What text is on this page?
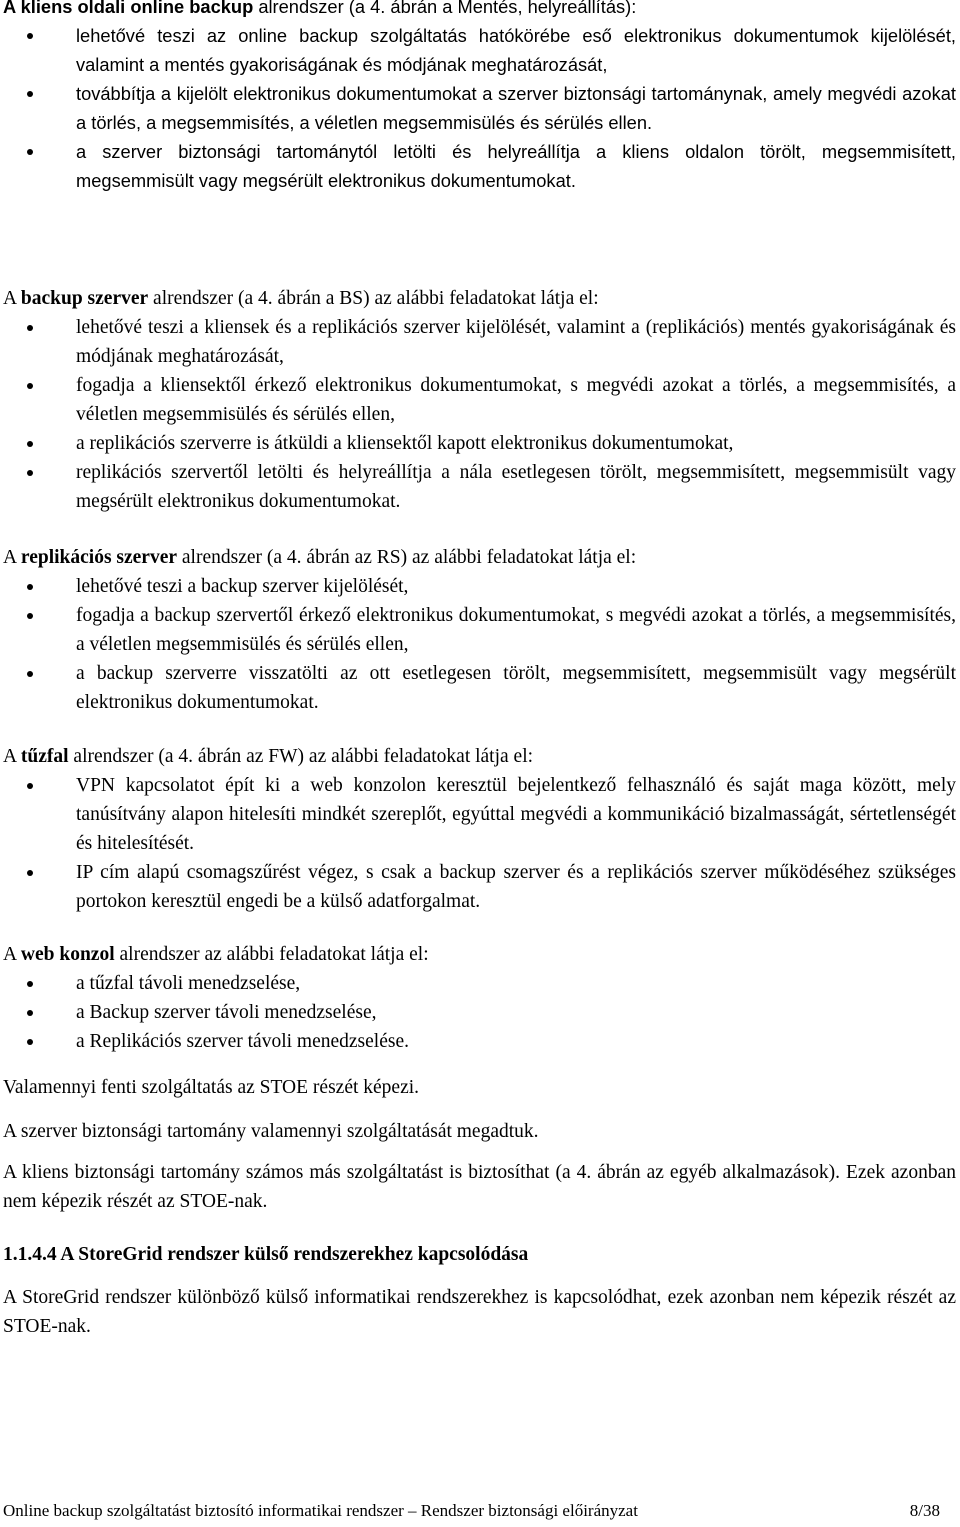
A kliens oldali online backup alrendszer (a 4. ábrán a Mentés, helyreállítás):
lehetővé teszi az online backup szolgáltatás hatókörébe eső elektronikus dokumentumok kijelölését, valamint a mentés gyakoriságának és módjának meghatározását,
továbbítja a kijelölt elektronikus dokumentumokat a szerver biztonsági tartománynak, amely megvédi azokat a törlés, a megsemmisítés, a véletlen megsemmisülés és sérülés ellen.
a szerver biztonsági tartománytól letölti és helyreállítja a kliens oldalon törölt, megsemmisített, megsemmisült vagy megsérült elektronikus dokumentumokat.
A backup szerver alrendszer (a 4. ábrán a BS) az alábbi feladatokat látja el:
lehetővé teszi a kliensek és a replikációs szerver kijelölését, valamint a (replikációs) mentés gyakoriságának és módjának meghatározását,
fogadja a kliensektől érkező elektronikus dokumentumokat, s megvédi azokat a törlés, a megsemmisítés, a véletlen megsemmisülés és sérülés ellen,
a replikációs szerverre is átküldi a kliensektől kapott elektronikus dokumentumokat,
replikációs szervertől letölti és helyreállítja a nála esetlegesen törölt, megsemmisített, megsemmisült vagy megsérült elektronikus dokumentumokat.
A replikációs szerver alrendszer (a 4. ábrán az RS) az alábbi feladatokat látja el:
lehetővé teszi a backup szerver kijelölését,
fogadja a backup szervertől érkező elektronikus dokumentumokat, s megvédi azokat a törlés, a megsemmisítés, a véletlen megsemmisülés és sérülés ellen,
a backup szerverre visszatölti az ott esetlegesen törölt, megsemmisített, megsemmisült vagy megsérült elektronikus dokumentumokat.
A tűzfal alrendszer (a 4. ábrán az FW) az alábbi feladatokat látja el:
VPN kapcsolatot épít ki a web konzolon keresztül bejelentkező felhasználó és saját maga között, mely tanúsítvány alapon hitelesíti mindkét szereplőt, egyúttal megvédi a kommunikáció bizalmasságát, sértetlenségét és hitelesítését.
IP cím alapú csomagszűrést végez, s csak a backup szerver és a replikációs szerver működéséhez szükséges portokon keresztül engedi be a külső adatforgalmat.
A web konzol alrendszer az alábbi feladatokat látja el:
a tűzfal távoli menedzselése,
a Backup szerver távoli menedzselése,
a Replikációs szerver távoli menedzselése.
Valamennyi fenti szolgáltatás az STOE részét képezi.
A szerver biztonsági tartomány valamennyi szolgáltatását megadtuk.
A kliens biztonsági tartomány számos más szolgáltatást is biztosíthat (a 4. ábrán az egyéb alkalmazások). Ezek azonban nem képezik részét az STOE-nak.
1.1.4.4 A StoreGrid rendszer külső rendszerekhez kapcsolódása
A StoreGrid rendszer különböző külső informatikai rendszerekhez is kapcsolódhat, ezek azonban nem képezik részét az STOE-nak.
Online backup szolgáltatást biztosító informatikai rendszer – Rendszer biztonsági előirányzat	8/38
